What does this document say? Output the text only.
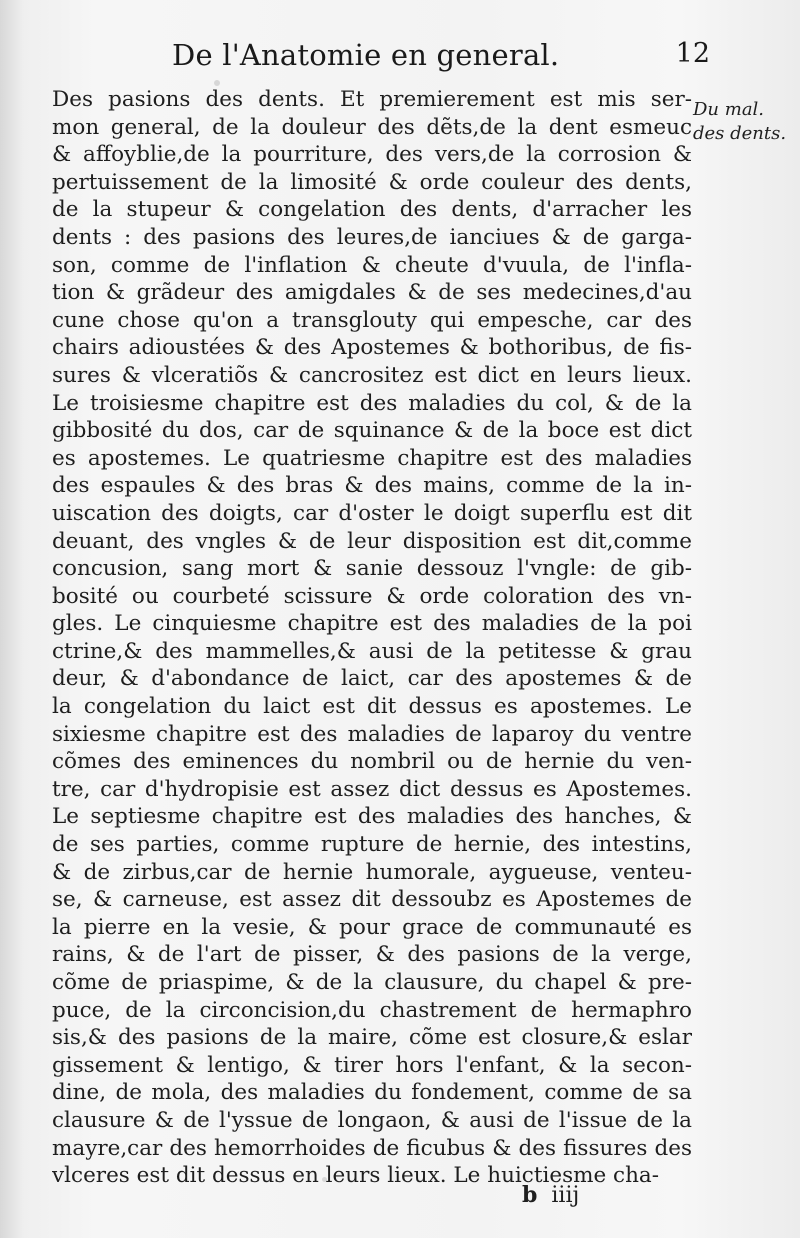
De l'Anatomie en general.	12
Du mal.
des dents.
Des pasions des dents. Et premierement est mis ser-
mon general, de la douleur des dẽts,de la dent esmeuc
& affoyblie,de la pourriture, des vers,de la corrosion &
pertuissement de la limosité & orde couleur des dents,
de la stupeur & congelation des dents, d'arracher les
dents : des pasions des leures,de ianciues & de garga-
son, comme de l'inflation & cheute d'vuula, de l'infla-
tion & grãdeur des amigdales & de ses medecines,d'au
cune chose qu'on a transglouty qui empesche, car des
chairs adioustées & des Apostemes & bothoribus, de fis-
sures & vlceratiõs & cancrositez est dict en leurs lieux.
Le troisiesme chapitre est des maladies du col, & de la
gibbosité du dos, car de squinance & de la boce est dict
es apostemes. Le quatriesme chapitre est des maladies
des espaules & des bras & des mains, comme de la in-
uiscation des doigts, car d'oster le doigt superflu est dit
deuant, des vngles & de leur disposition est dit,comme
concusion, sang mort & sanie dessouz l'vngle: de gib-
bosité ou courbeté scissure & orde coloration des vn-
gles. Le cinquiesme chapitre est des maladies de la poi
ctrine,& des mammelles,& ausi de la petitesse & grau
deur, & d'abondance de laict, car des apostemes & de
la congelation du laict est dit dessus es apostemes. Le
sixiesme chapitre est des maladies de laparoy du ventre
cõmes des eminences du nombril ou de hernie du ven-
tre, car d'hydropisie est assez dict dessus es Apostemes.
Le septiesme chapitre est des maladies des hanches, &
de ses parties, comme rupture de hernie, des intestins,
& de zirbus,car de hernie humorale, aygueuse, venteu-
se, & carneuse, est assez dit dessoubz es Apostemes de
la pierre en la vesie, & pour grace de communauté es
rains, & de l'art de pisser, & des pasions de la verge,
cõme de priaspime, & de la clausure, du chapel & pre-
puce, de la circoncision,du chastrement de hermaphro
sis,& des pasions de la maire, cõme est closure,& eslar
gissement & lentigo, & tirer hors l'enfant, & la secon-
dine, de mola, des maladies du fondement, comme de sa
clausure & de l'yssue de longaon, & ausi de l'issue de la
mayre,car des hemorrhoides de ficubus & des fissures des
vlceres est dit dessus en leurs lieux. Le huictiesme cha-
b iiij
